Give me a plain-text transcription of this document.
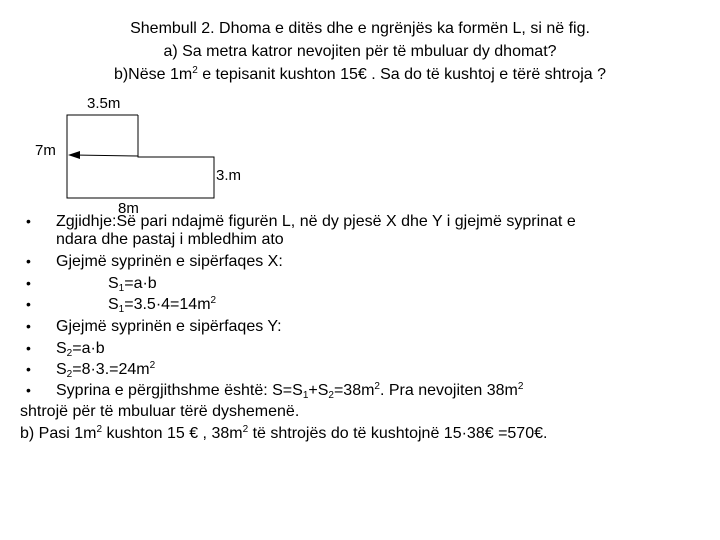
Shembull 2. Dhoma e ditës dhe e ngrënjës ka formën L, si në fig.
a) Sa metra katror nevojiten për të mbuluar dy dhomat?
b)Nëse $1m^2$ e tepisanit kushton 15€ . Sa do të kushtoj e tërë shtroja ?
3.5m
7m
3.m
8m
• Zgjidhje:Së pari ndajmë figurën L, në dy pjesë X dhe Y i gjejmë syprinat e
ndara dhe pastaj i mbledhim ato
• Gjejmë syprinën e sipërfaqes X:
•	$S_1=a\cdot b$
•	$S_1=3.5\cdot 4=14m^2$
• Gjejmë syprinën e sipërfaqes Y:
• $S_2=a\cdot b$
• $S_2=8\cdot 3.=24m^2$
• Syprina e përgjithshme është: $S=S_1+S_2=38m^2$. Pra nevojiten $38m^2$
shtrojë për të mbuluar tërë dyshemenë.
b) Pasi $1m^2$ kushton 15 € , $38m^2$ të shtrojës do të kushtojnë 15·38€ =570€.
